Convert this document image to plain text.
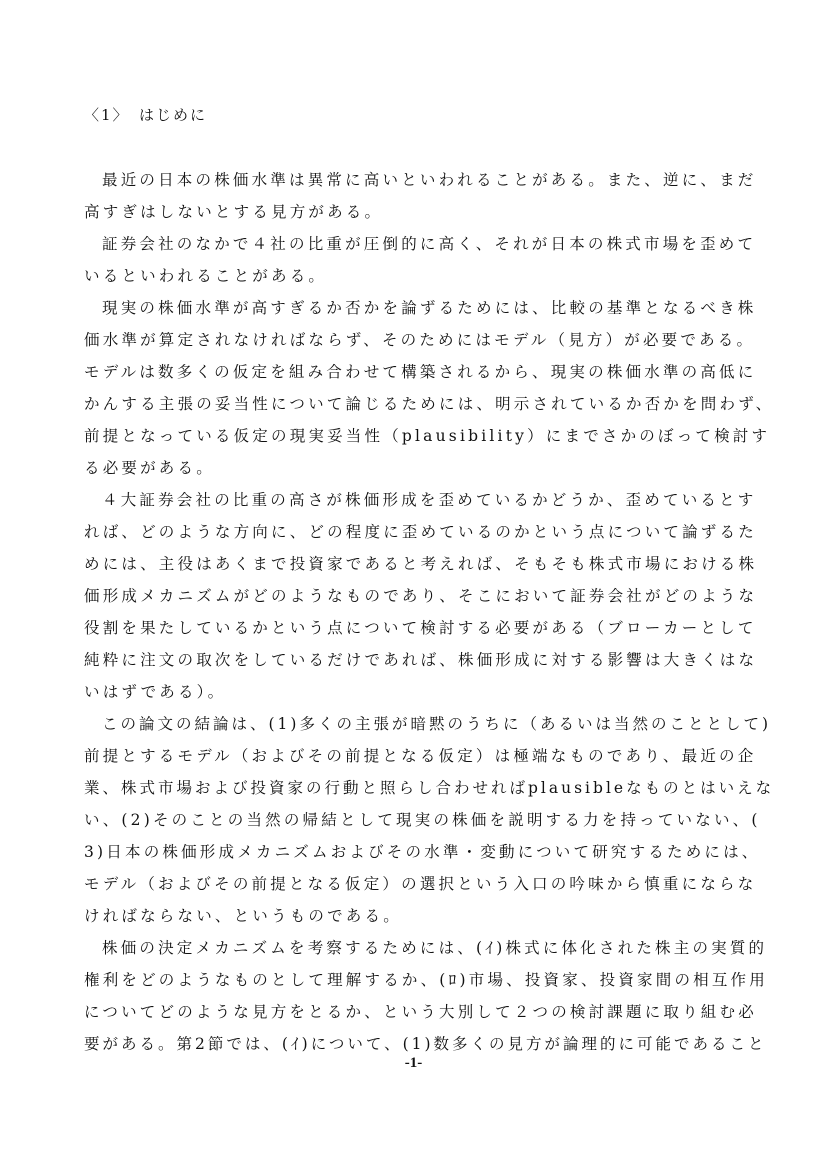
〈1〉　はじめに
最近の日本の株価水準は異常に高いといわれることがある。また、逆に、まだ
高すぎはしないとする見方がある。
証券会社のなかで４社の比重が圧倒的に高く、それが日本の株式市場を歪めて
いるといわれることがある。
現実の株価水準が高すぎるか否かを論ずるためには、比較の基準となるべき株
価水準が算定されなければならず、そのためにはモデル（見方）が必要である。
モデルは数多くの仮定を組み合わせて構築されるから、現実の株価水準の高低に
かんする主張の妥当性について論じるためには、明示されているか否かを問わず、
前提となっている仮定の現実妥当性（plausibility）にまでさかのぼって検討す
る必要がある。
４大証券会社の比重の高さが株価形成を歪めているかどうか、歪めているとす
れば、どのような方向に、どの程度に歪めているのかという点について論ずるた
めには、主役はあくまで投資家であると考えれば、そもそも株式市場における株
価形成メカニズムがどのようなものであり、そこにおいて証券会社がどのような
役割を果たしているかという点について検討する必要がある（ブローカーとして
純粋に注文の取次をしているだけであれば、株価形成に対する影響は大きくはな
いはずである）。
この論文の結論は、(1)多くの主張が暗黙のうちに（あるいは当然のこととして)
前提とするモデル（およびその前提となる仮定）は極端なものであり、最近の企
業、株式市場および投資家の行動と照らし合わせればplausibleなものとはいえな
い、(2)そのことの当然の帰結として現実の株価を説明する力を持っていない、(
3)日本の株価形成メカニズムおよびその水準・変動について研究するためには、
モデル（およびその前提となる仮定）の選択という入口の吟味から慎重にならな
ければならない、というものである。
株価の決定メカニズムを考察するためには、(ｲ)株式に体化された株主の実質的
権利をどのようなものとして理解するか、(ﾛ)市場、投資家、投資家間の相互作用
についてどのような見方をとるか、という大別して２つの検討課題に取り組む必
要がある。第2節では、(ｲ)について、(1)数多くの見方が論理的に可能であること
-1-
